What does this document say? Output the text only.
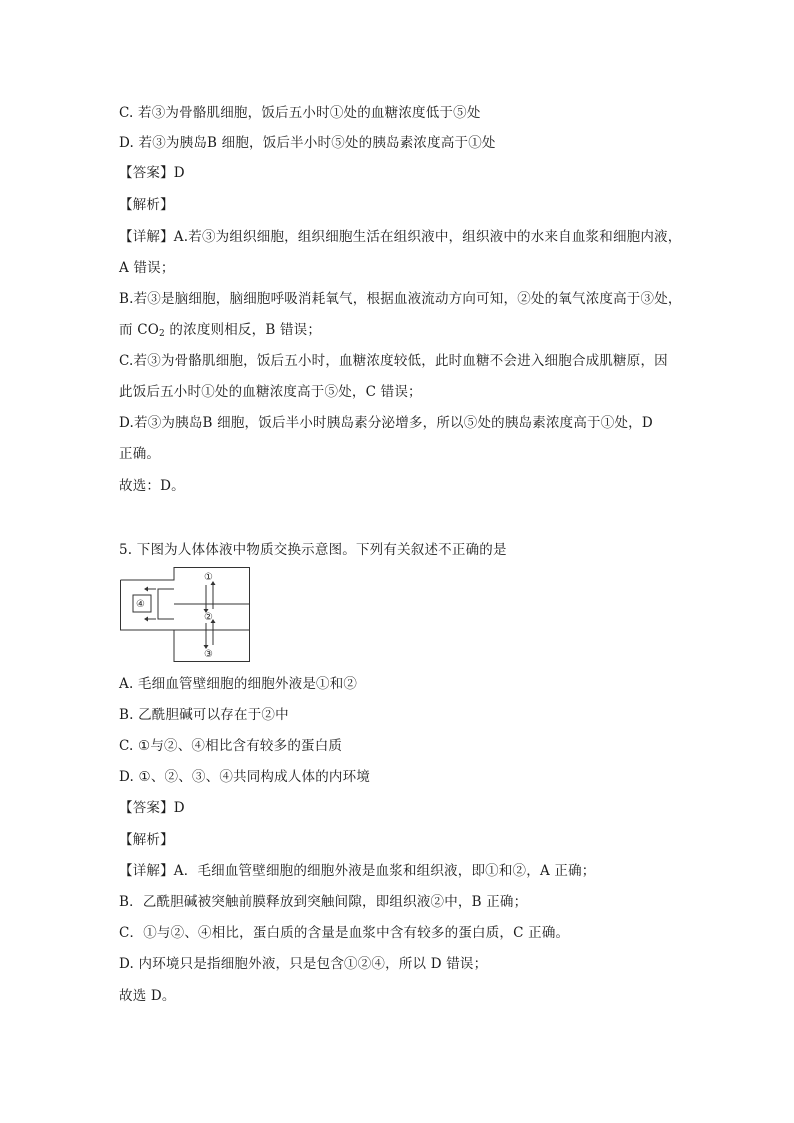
C. 若③为骨骼肌细胞，饭后五小时①处的血糖浓度低于⑤处
D. 若③为胰岛B 细胞，饭后半小时⑤处的胰岛素浓度高于①处
【答案】D
【解析】
【详解】A.若③为组织细胞，组织细胞生活在组织液中，组织液中的水来自血浆和细胞内液，
A 错误；
B.若③是脑细胞，脑细胞呼吸消耗氧气，根据血液流动方向可知，②处的氧气浓度高于③处，
而 $CO_2$ 的浓度则相反，B 错误；
C.若③为骨骼肌细胞，饭后五小时，血糖浓度较低，此时血糖不会进入细胞合成肌糖原，因
此饭后五小时①处的血糖浓度高于⑤处，C 错误；
D.若③为胰岛B 细胞，饭后半小时胰岛素分泌增多，所以⑤处的胰岛素浓度高于①处，D
正确。
故选：D。
5. 下图为人体体液中物质交换示意图。下列有关叙述不正确的是
①
②
③
④
A. 毛细血管壁细胞的细胞外液是①和②
B. 乙酰胆碱可以存在于②中
C. ①与②、④相比含有较多的蛋白质
D. ①、②、③、④共同构成人体的内环境
【答案】D
【解析】
【详解】A．毛细血管壁细胞的细胞外液是血浆和组织液，即①和②，A 正确；
B．乙酰胆碱被突触前膜释放到突触间隙，即组织液②中，B 正确；
C．①与②、④相比，蛋白质的含量是血浆中含有较多的蛋白质，C 正确。
D. 内环境只是指细胞外液，只是包含①②④，所以 D 错误；
故选 D。
